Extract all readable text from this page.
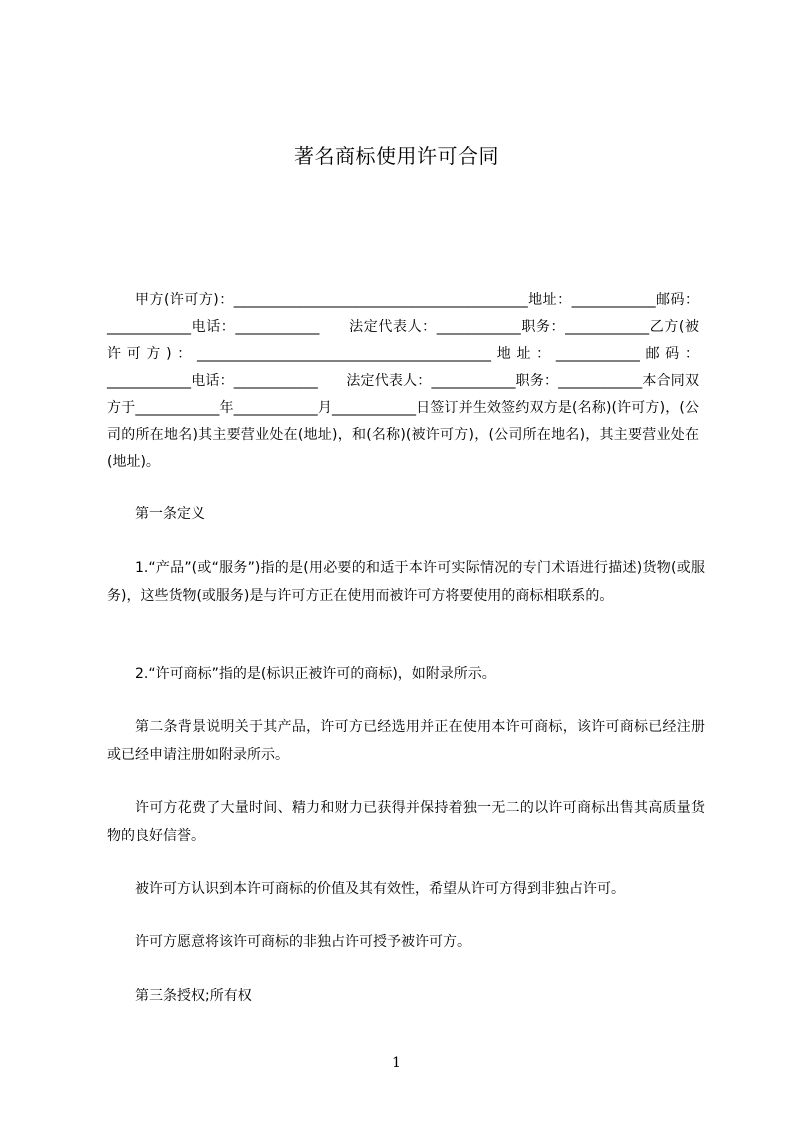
著名商标使用许可合同

甲方(许可方)：__________________________________________地址：____________邮码：____________电话：____________　　法定代表人：____________职务：____________乙方(被许可方)：__________________________________________地址：____________邮码：____________电话：____________　　法定代表人：____________职务：____________本合同双方于____________年____________月____________日签订并生效签约双方是(名称)(许可方)，(公司的所在地名)其主要营业处在(地址)，和(名称)(被许可方)，(公司所在地名)，其主要营业处在(地址)。

第一条定义

1.“产品”(或“服务”)指的是(用必要的和适于本许可实际情况的专门术语进行描述)货物(或服务)，这些货物(或服务)是与许可方正在使用而被许可方将要使用的商标相联系的。

2.“许可商标”指的是(标识正被许可的商标)，如附录所示。

第二条背景说明关于其产品，许可方已经选用并正在使用本许可商标，该许可商标已经注册或已经申请注册如附录所示。

许可方花费了大量时间、精力和财力已获得并保持着独一无二的以许可商标出售其高质量货物的良好信誉。

被许可方认识到本许可商标的价值及其有效性，希望从许可方得到非独占许可。

许可方愿意将该许可商标的非独占许可授予被许可方。

第三条授权;所有权

1
